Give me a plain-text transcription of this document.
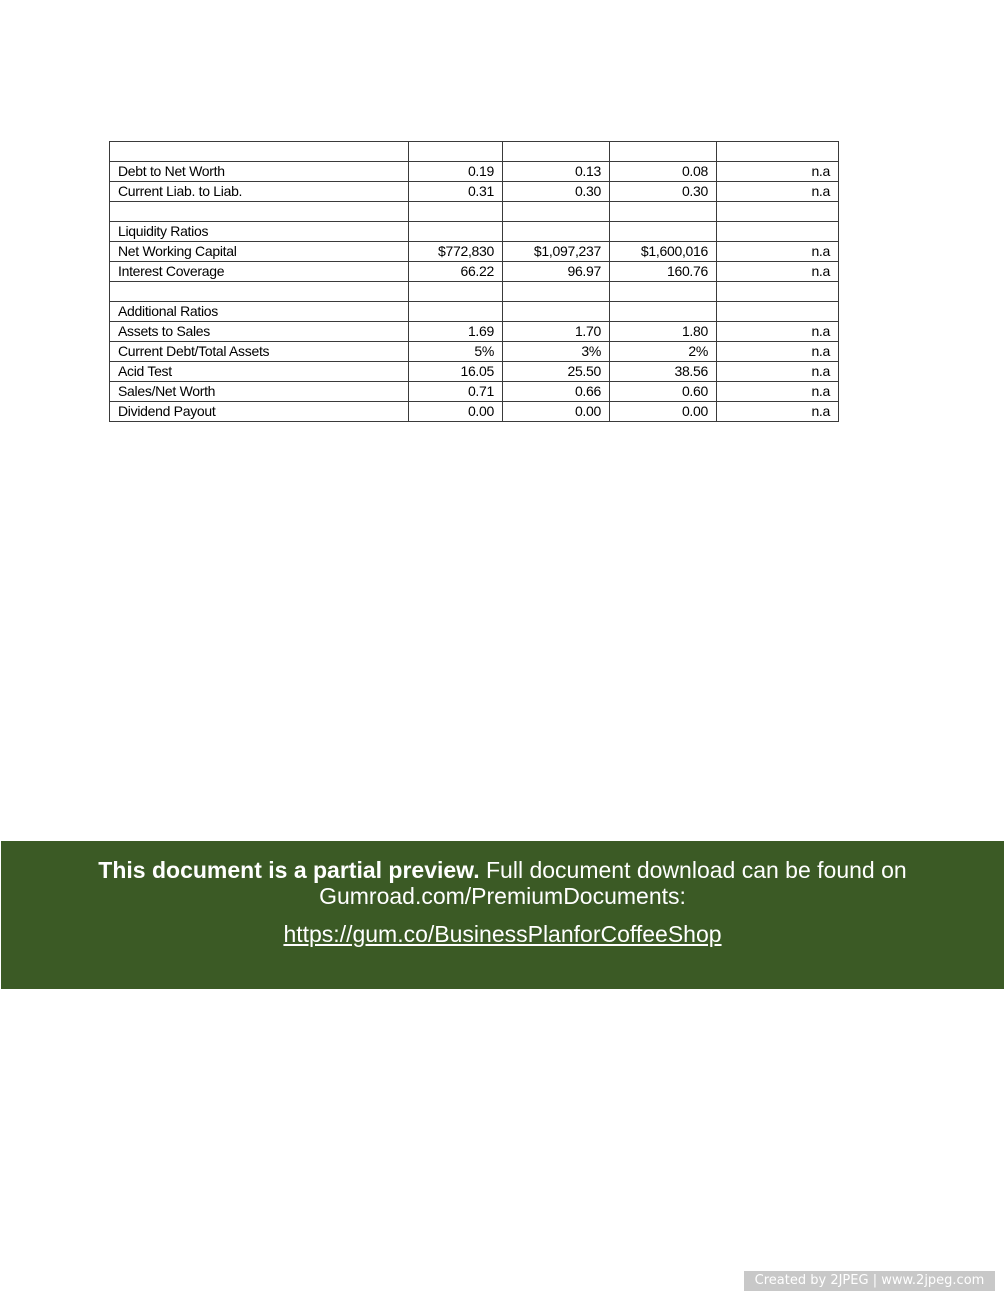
Debt to Net Worth	0.19	0.13	0.08	n.a
Current Liab. to Liab.	0.31	0.30	0.30	n.a

Liquidity Ratios				
Net Working Capital	$772,830	$1,097,237	$1,600,016	n.a
Interest Coverage	66.22	96.97	160.76	n.a

Additional Ratios				
Assets to Sales	1.69	1.70	1.80	n.a
Current Debt/Total Assets	5%	3%	2%	n.a
Acid Test	16.05	25.50	38.56	n.a
Sales/Net Worth	0.71	0.66	0.60	n.a
Dividend Payout	0.00	0.00	0.00	n.a
This document is a partial preview. Full document download can be found on
Gumroad.com/PremiumDocuments:
https://gum.co/BusinessPlanforCoffeeShop
Created by 2JPEG | www.2jpeg.com
